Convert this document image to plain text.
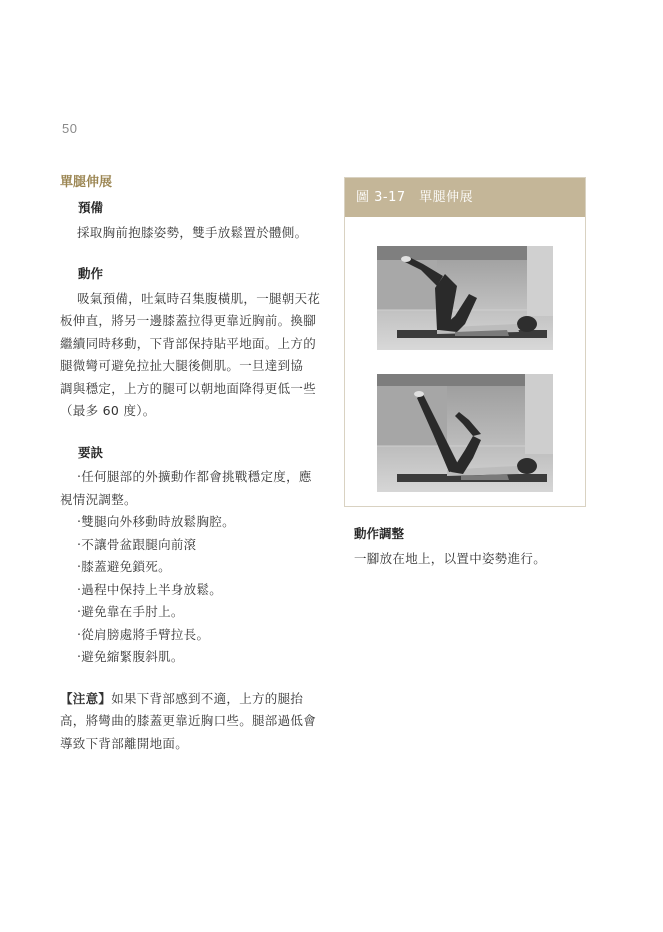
50
單腿伸展
預備

採取胸前抱膝姿勢，雙手放鬆置於體側。

動作

吸氣預備，吐氣時召集腹橫肌，一腿朝天花

板伸直，將另一邊膝蓋拉得更靠近胸前。換腳

繼續同時移動，下背部保持貼平地面。上方的

腿微彎可避免拉扯大腿後側肌。一旦達到協

調與穩定，上方的腿可以朝地面降得更低一些

（最多 60 度）。

要訣
‧任何腿部的外擴動作都會挑戰穩定度，應
視情況調整。
‧雙腿向外移動時放鬆胸腔。
‧不讓骨盆跟腿向前滾
‧膝蓋避免鎖死。
‧過程中保持上半身放鬆。
‧避免靠在手肘上。
‧從肩膀處將手臂拉長。
‧避免縮緊腹斜肌。

【注意】如果下背部感到不適，上方的腿抬

高，將彎曲的膝蓋更靠近胸口些。腿部過低會

導致下背部離開地面。

圖 3-17　單腿伸展
動作調整

一腳放在地上，以置中姿勢進行。
